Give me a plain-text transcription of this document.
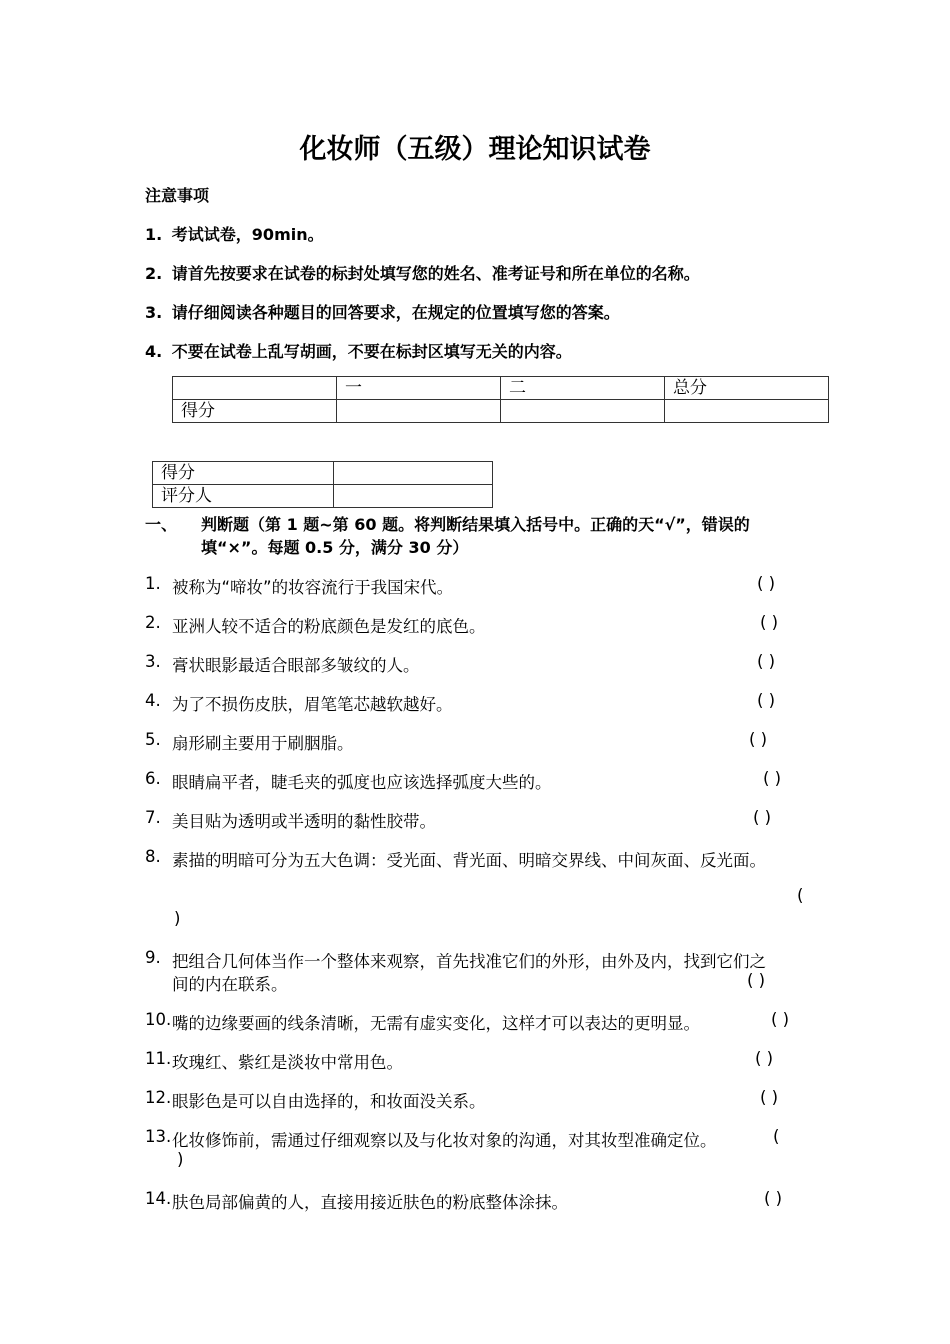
化妆师（五级）理论知识试卷
注意事项
1. 考试试卷，90min。
2. 请首先按要求在试卷的标封处填写您的姓名、准考证号和所在单位的名称。
3. 请仔细阅读各种题目的回答要求，在规定的位置填写您的答案。
4. 不要在试卷上乱写胡画，不要在标封区填写无关的内容。
	一	二	总分
得分			
得分	
评分人	
一、 判断题（第 1 题~第 60 题。将判断结果填入括号中。正确的天“√”，错误的
填“×”。每题 0.5 分，满分 30 分）
1. 被称为“啼妆”的妆容流行于我国宋代。	( )
2. 亚洲人较不适合的粉底颜色是发红的底色。	( )
3. 膏状眼影最适合眼部多皱纹的人。	( )
4. 为了不损伤皮肤，眉笔笔芯越软越好。	( )
5. 扇形刷主要用于刷胭脂。	( )
6. 眼睛扁平者，睫毛夹的弧度也应该选择弧度大些的。	( )
7. 美目贴为透明或半透明的黏性胶带。	( )
8. 素描的明暗可分为五大色调：受光面、背光面、明暗交界线、中间灰面、反光面。
(
)
9. 把组合几何体当作一个整体来观察，首先找准它们的外形，由外及内，找到它们之
间的内在联系。	( )
10. 嘴的边缘要画的线条清晰，无需有虚实变化，这样才可以表达的更明显。	( )
11. 玫瑰红、紫红是淡妆中常用色。	( )
12. 眼影色是可以自由选择的，和妆面没关系。	( )
13. 化妆修饰前，需通过仔细观察以及与化妆对象的沟通，对其妆型准确定位。	(
)
14. 肤色局部偏黄的人，直接用接近肤色的粉底整体涂抹。	( )
